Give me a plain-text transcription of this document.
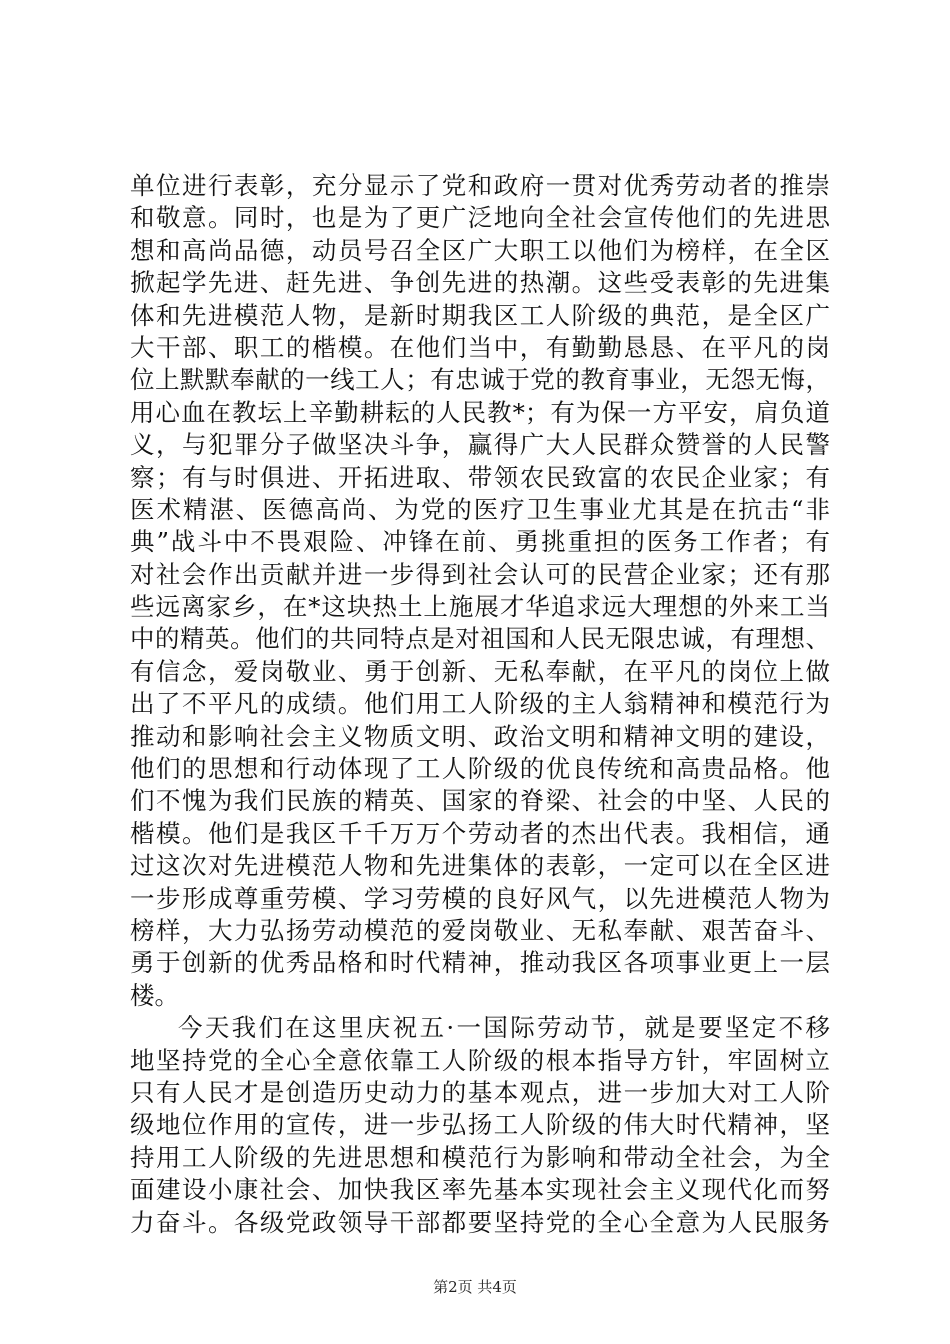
单位进行表彰，充分显示了党和政府一贯对优秀劳动者的推崇
和敬意。同时，也是为了更广泛地向全社会宣传他们的先进思
想和高尚品德，动员号召全区广大职工以他们为榜样，在全区
掀起学先进、赶先进、争创先进的热潮。这些受表彰的先进集
体和先进模范人物，是新时期我区工人阶级的典范，是全区广
大干部、职工的楷模。在他们当中，有勤勤恳恳、在平凡的岗
位上默默奉献的一线工人；有忠诚于党的教育事业，无怨无悔，
用心血在教坛上辛勤耕耘的人民教*；有为保一方平安，肩负道
义，与犯罪分子做坚决斗争，赢得广大人民群众赞誉的人民警
察；有与时俱进、开拓进取、带领农民致富的农民企业家；有
医术精湛、医德高尚、为党的医疗卫生事业尤其是在抗击“非
典”战斗中不畏艰险、冲锋在前、勇挑重担的医务工作者；有
对社会作出贡献并进一步得到社会认可的民营企业家；还有那
些远离家乡，在*这块热土上施展才华追求远大理想的外来工当
中的精英。他们的共同特点是对祖国和人民无限忠诚，有理想、
有信念，爱岗敬业、勇于创新、无私奉献，在平凡的岗位上做
出了不平凡的成绩。他们用工人阶级的主人翁精神和模范行为
推动和影响社会主义物质文明、政治文明和精神文明的建设，
他们的思想和行动体现了工人阶级的优良传统和高贵品格。他
们不愧为我们民族的精英、国家的脊梁、社会的中坚、人民的
楷模。他们是我区千千万万个劳动者的杰出代表。我相信，通
过这次对先进模范人物和先进集体的表彰，一定可以在全区进
一步形成尊重劳模、学习劳模的良好风气，以先进模范人物为
榜样，大力弘扬劳动模范的爱岗敬业、无私奉献、艰苦奋斗、
勇于创新的优秀品格和时代精神，推动我区各项事业更上一层
楼。
今天我们在这里庆祝五·一国际劳动节，就是要坚定不移
地坚持党的全心全意依靠工人阶级的根本指导方针，牢固树立
只有人民才是创造历史动力的基本观点，进一步加大对工人阶
级地位作用的宣传，进一步弘扬工人阶级的伟大时代精神，坚
持用工人阶级的先进思想和模范行为影响和带动全社会，为全
面建设小康社会、加快我区率先基本实现社会主义现代化而努
力奋斗。各级党政领导干部都要坚持党的全心全意为人民服务
第2页 共4页
